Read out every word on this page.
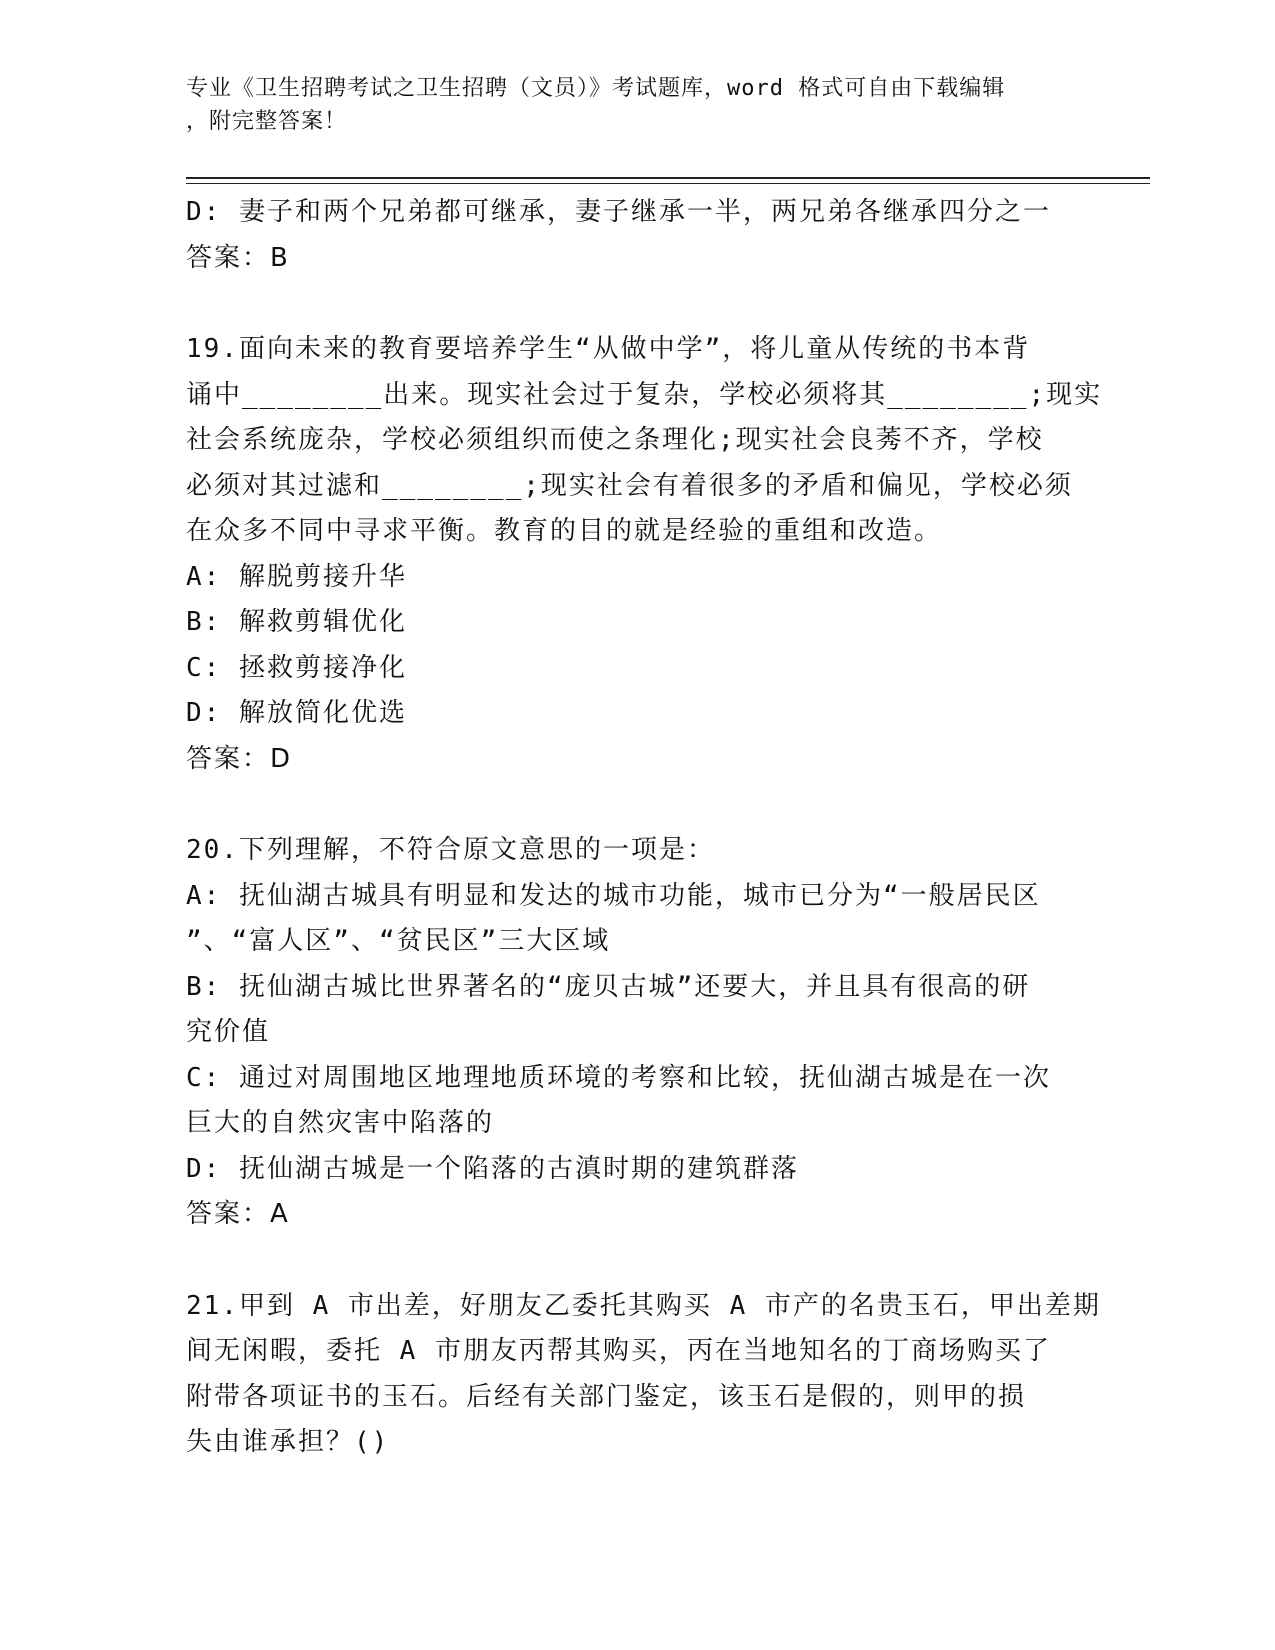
专业《卫生招聘考试之卫生招聘（文员）》考试题库，word 格式可自由下载编辑
，附完整答案！
D: 妻子和两个兄弟都可继承，妻子继承一半，两兄弟各继承四分之一
答案：B
19.面向未来的教育要培养学生“从做中学”，将儿童从传统的书本背
诵中________出来。现实社会过于复杂，学校必须将其________;现实
社会系统庞杂，学校必须组织而使之条理化;现实社会良莠不齐，学校
必须对其过滤和________;现实社会有着很多的矛盾和偏见，学校必须
在众多不同中寻求平衡。教育的目的就是经验的重组和改造。
A: 解脱剪接升华
B: 解救剪辑优化
C: 拯救剪接净化
D: 解放简化优选
答案：D
20.下列理解，不符合原文意思的一项是：
A: 抚仙湖古城具有明显和发达的城市功能，城市已分为“一般居民区
”、“富人区”、“贫民区”三大区域
B: 抚仙湖古城比世界著名的“庞贝古城”还要大，并且具有很高的研
究价值
C: 通过对周围地区地理地质环境的考察和比较，抚仙湖古城是在一次
巨大的自然灾害中陷落的
D: 抚仙湖古城是一个陷落的古滇时期的建筑群落
答案：A
21.甲到 A 市出差，好朋友乙委托其购买 A 市产的名贵玉石，甲出差期
间无闲暇，委托 A 市朋友丙帮其购买，丙在当地知名的丁商场购买了
附带各项证书的玉石。后经有关部门鉴定，该玉石是假的，则甲的损
失由谁承担？()
